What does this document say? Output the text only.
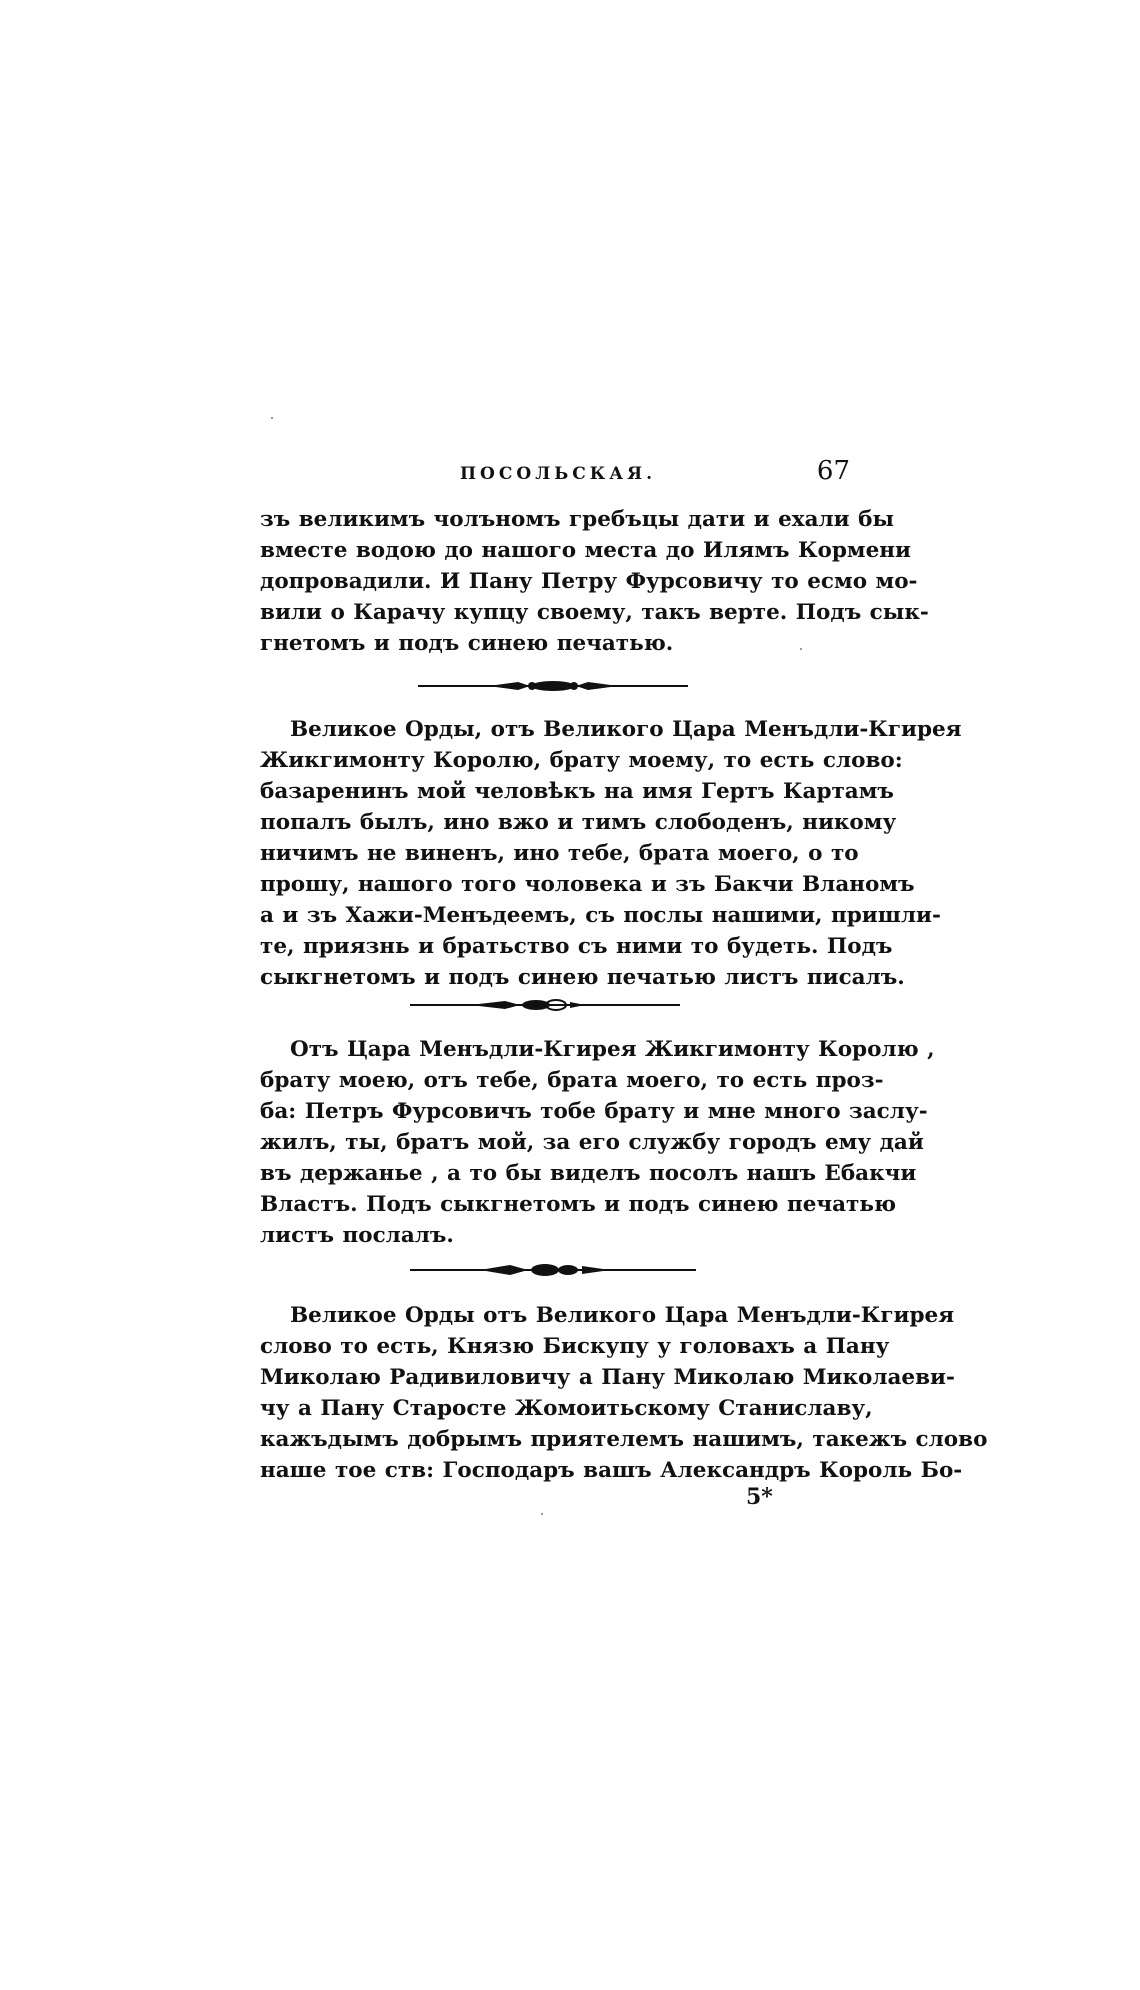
ПОСОЛЬСКАЯ.	67
зъ великимъ чолъномъ гребъцы дати и ехали бы
вместе водою до нашого места до Илямъ Кормени
допровадили. И Пану Петру Фурсовичу то есмо мо-
вили о Карачу купцу своему, такъ верте. Подъ сык-
гнетомъ и подъ синею печатью.
Великое Орды, отъ Великого Цара Менъдли-Кгирея
Жикгимонту Королю, брату моему, то есть слово:
базаренинъ мой человѣкъ на имя Гертъ Картамъ
попалъ былъ, ино вжо и тимъ слободенъ, никому
ничимъ не виненъ, ино тебе, брата моего, о то
прошу, нашого того чоловека и зъ Бакчи Вланомъ
а и зъ Хажи-Менъдеемъ, съ послы нашими, пришли-
те, приязнь и братьство съ ними то будеть. Подъ
сыкгнетомъ и подъ синею печатью листъ писалъ.
Отъ Цара Менъдли-Кгирея Жикгимонту Королю ,
брату моею, отъ тебе, брата моего, то есть проз-
ба: Петръ Фурсовичъ тобе брату и мне много заслу-
жилъ, ты, братъ мой, за его службу городъ ему дай
въ держанье , а то бы виделъ посолъ нашъ Ебакчи
Властъ. Подъ сыкгнетомъ и подъ синею печатью
листъ послалъ.
Великое Орды отъ Великого Цара Менъдли-Кгирея
слово то есть, Князю Бискупу у головахъ а Пану
Миколаю Радивиловичу а Пану Миколаю Миколаеви-
чу а Пану Старосте Жомоитьскому Станиславу,
кажъдымъ добрымъ приятелемъ нашимъ, такежъ слово
наше тое ств: Господаръ вашъ Александръ Король Бо-
5*
